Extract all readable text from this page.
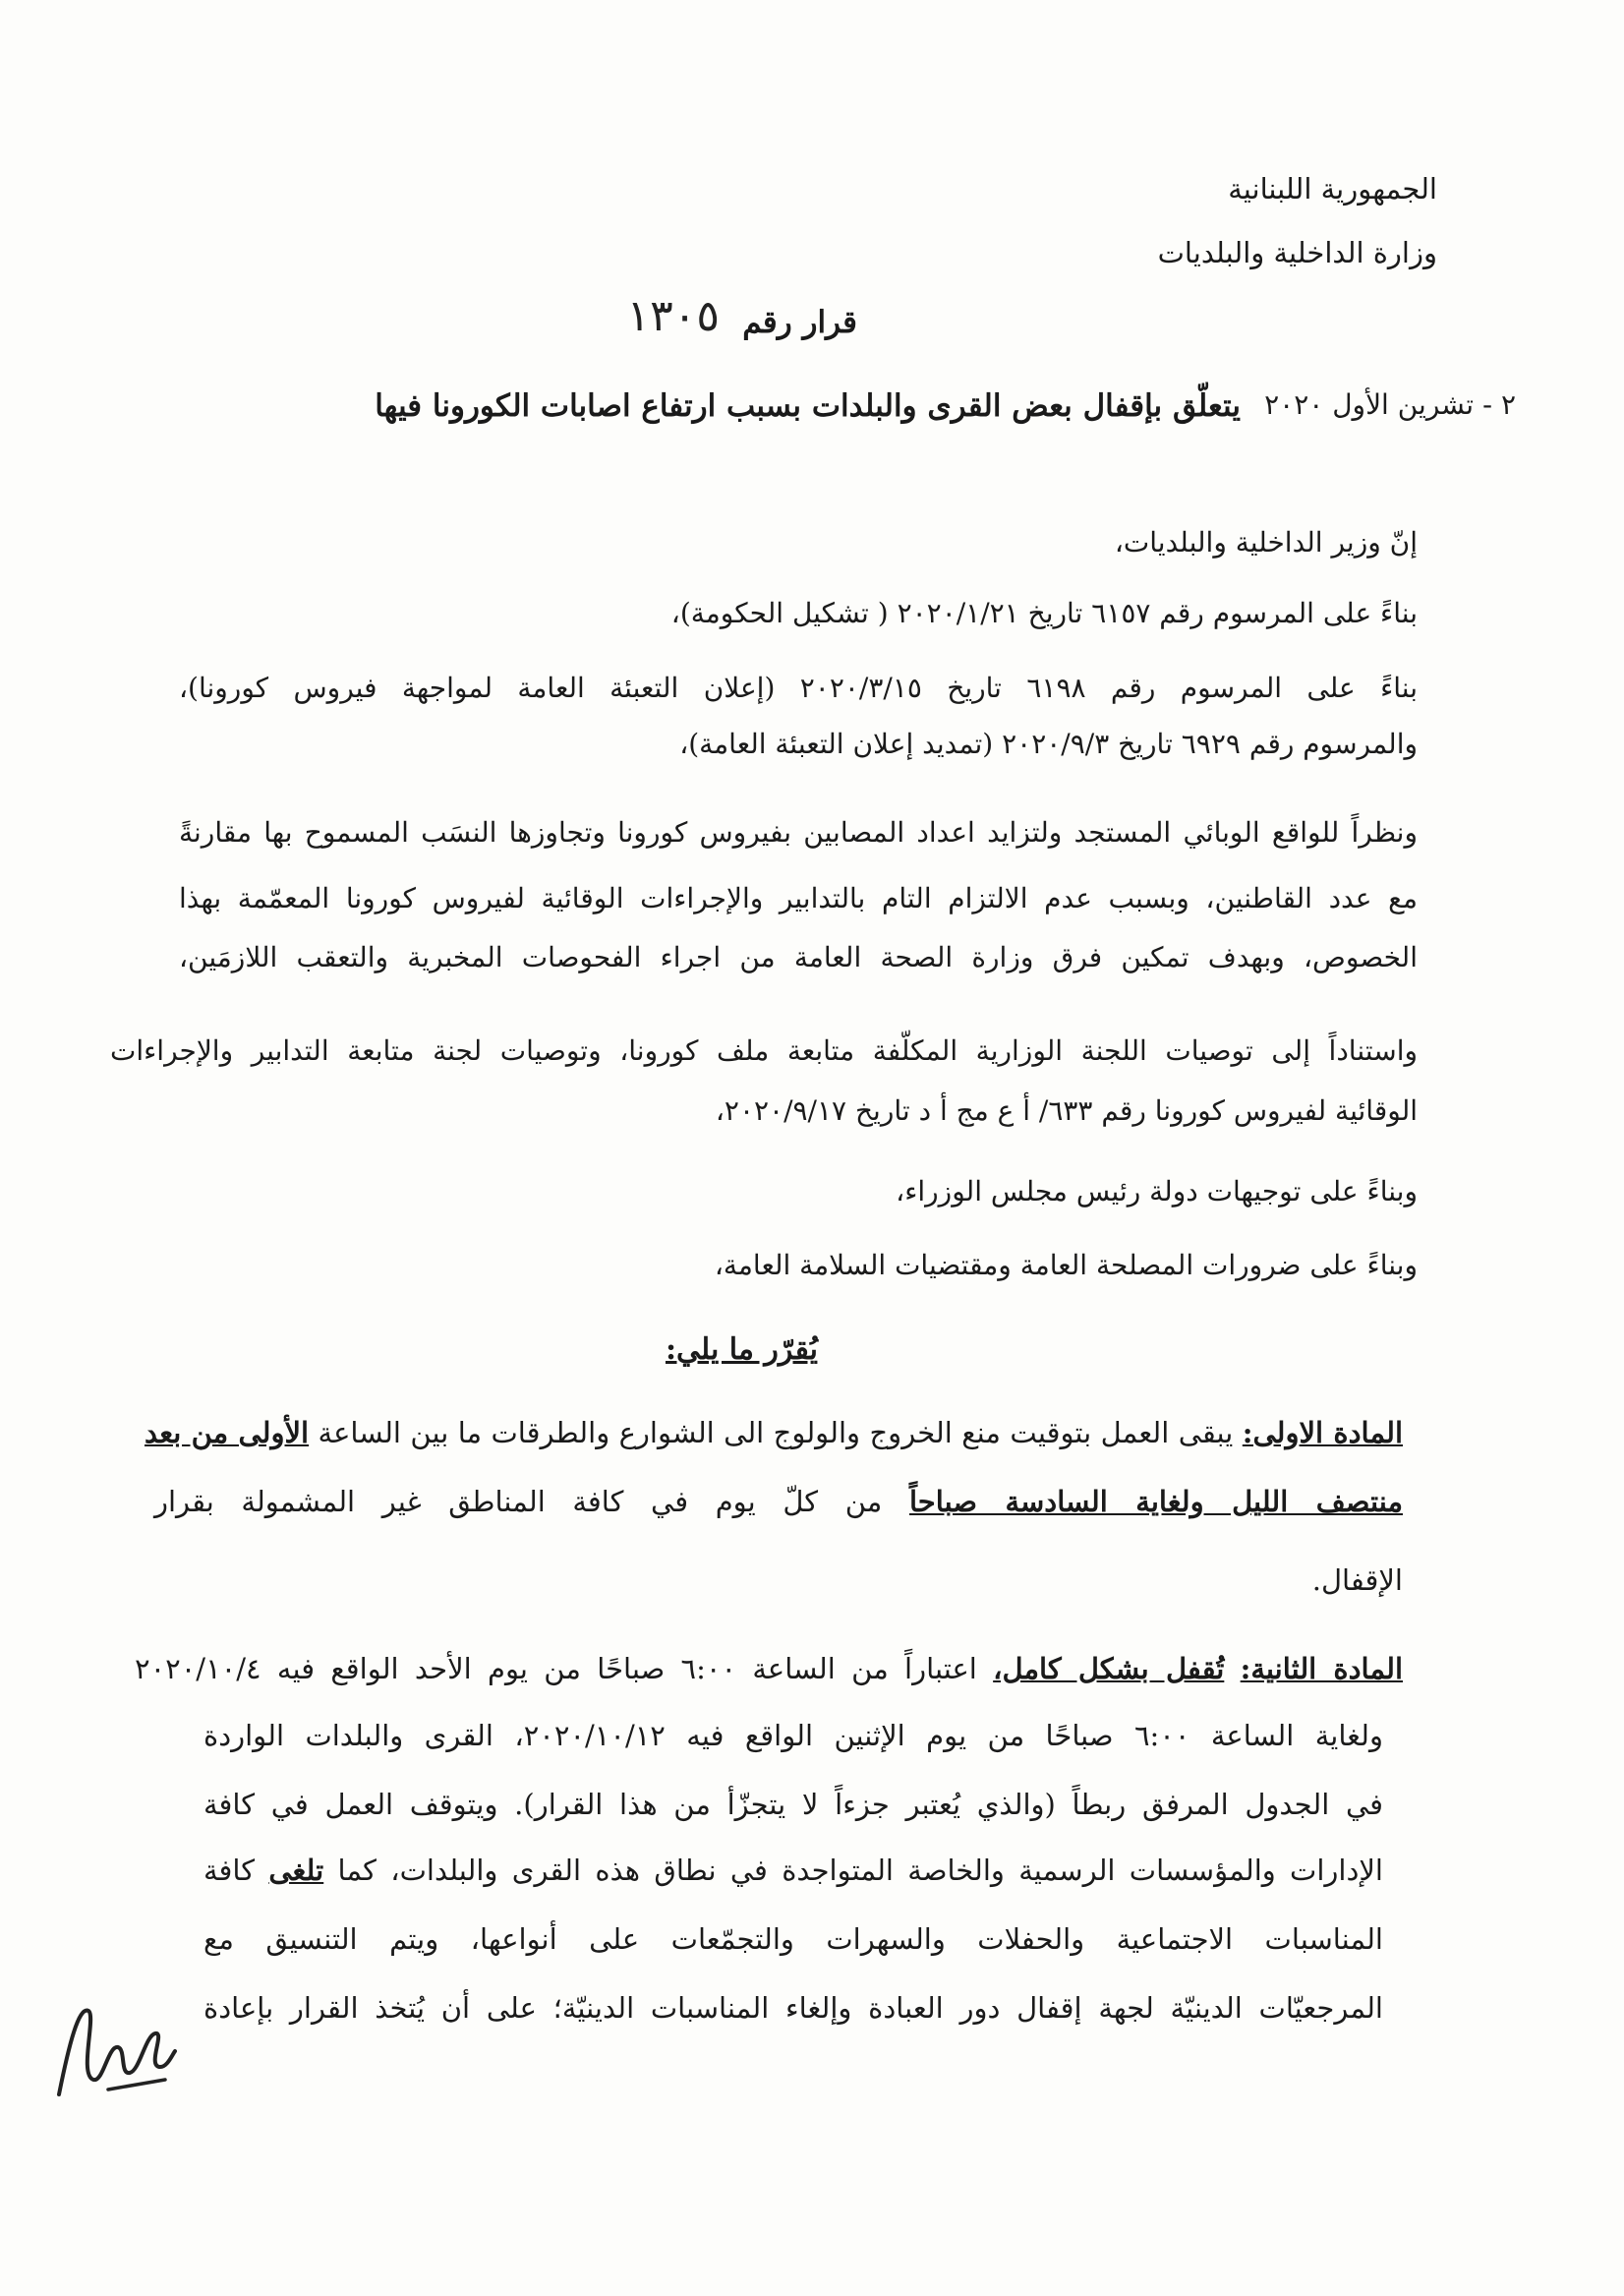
الجمهورية اللبنانية
وزارة الداخلية والبلديات
قرار رقم
١٣٠٥
٢ - تشرين الأول ٢٠٢٠
يتعلّق بإقفال بعض القرى والبلدات بسبب ارتفاع اصابات الكورونا فيها
إنّ وزير الداخلية والبلديات،
بناءً على المرسوم رقم ٦١٥٧ تاريخ ٢٠٢٠/١/٢١ ( تشكيل الحكومة)،
بناءً على المرسوم رقم ٦١٩٨ تاريخ ٢٠٢٠/٣/١٥ (إعلان التعبئة العامة لمواجهة فيروس كورونا)،
والمرسوم رقم ٦٩٢٩ تاريخ ٢٠٢٠/٩/٣ (تمديد إعلان التعبئة العامة)،
ونظراً للواقع الوبائي المستجد ولتزايد اعداد المصابين بفيروس كورونا وتجاوزها النسَب المسموح بها مقارنةً
مع عدد القاطنين، وبسبب عدم الالتزام التام بالتدابير والإجراءات الوقائية لفيروس كورونا المعمّمة بهذا
الخصوص، وبهدف تمكين فرق وزارة الصحة العامة من اجراء الفحوصات المخبرية والتعقب اللازمَين،
واستناداً إلى توصيات اللجنة الوزارية المكلّفة متابعة ملف كورونا، وتوصيات لجنة متابعة التدابير والإجراءات
الوقائية لفيروس كورونا رقم ٦٣٣/ أ ع مج أ د تاريخ ٢٠٢٠/٩/١٧،
وبناءً على توجيهات دولة رئيس مجلس الوزراء،
وبناءً على ضرورات المصلحة العامة ومقتضيات السلامة العامة،
يُقرّر ما يلي:
المادة الاولى: يبقى العمل بتوقيت منع الخروج والولوج الى الشوارع والطرقات ما بين الساعة الأولى من بعد
منتصف الليل ولغاية السادسة صباحاً من كلّ يوم في كافة المناطق غير المشمولة بقرار
الإقفال.
المادة الثانية: تُقفل بشكل كامل، اعتباراً من الساعة ٦:٠٠ صباحًا من يوم الأحد الواقع فيه ٢٠٢٠/١٠/٤
ولغاية الساعة ٦:٠٠ صباحًا من يوم الإثنين الواقع فيه ٢٠٢٠/١٠/١٢، القرى والبلدات الواردة
في الجدول المرفق ربطاً (والذي يُعتبر جزءاً لا يتجزّأ من هذا القرار). ويتوقف العمل في كافة
الإدارات والمؤسسات الرسمية والخاصة المتواجدة في نطاق هذه القرى والبلدات، كما تلغى كافة
المناسبات الاجتماعية والحفلات والسهرات والتجمّعات على أنواعها، ويتم التنسيق مع
المرجعيّات الدينيّة لجهة إقفال دور العبادة وإلغاء المناسبات الدينيّة؛ على أن يُتخذ القرار بإعادة
